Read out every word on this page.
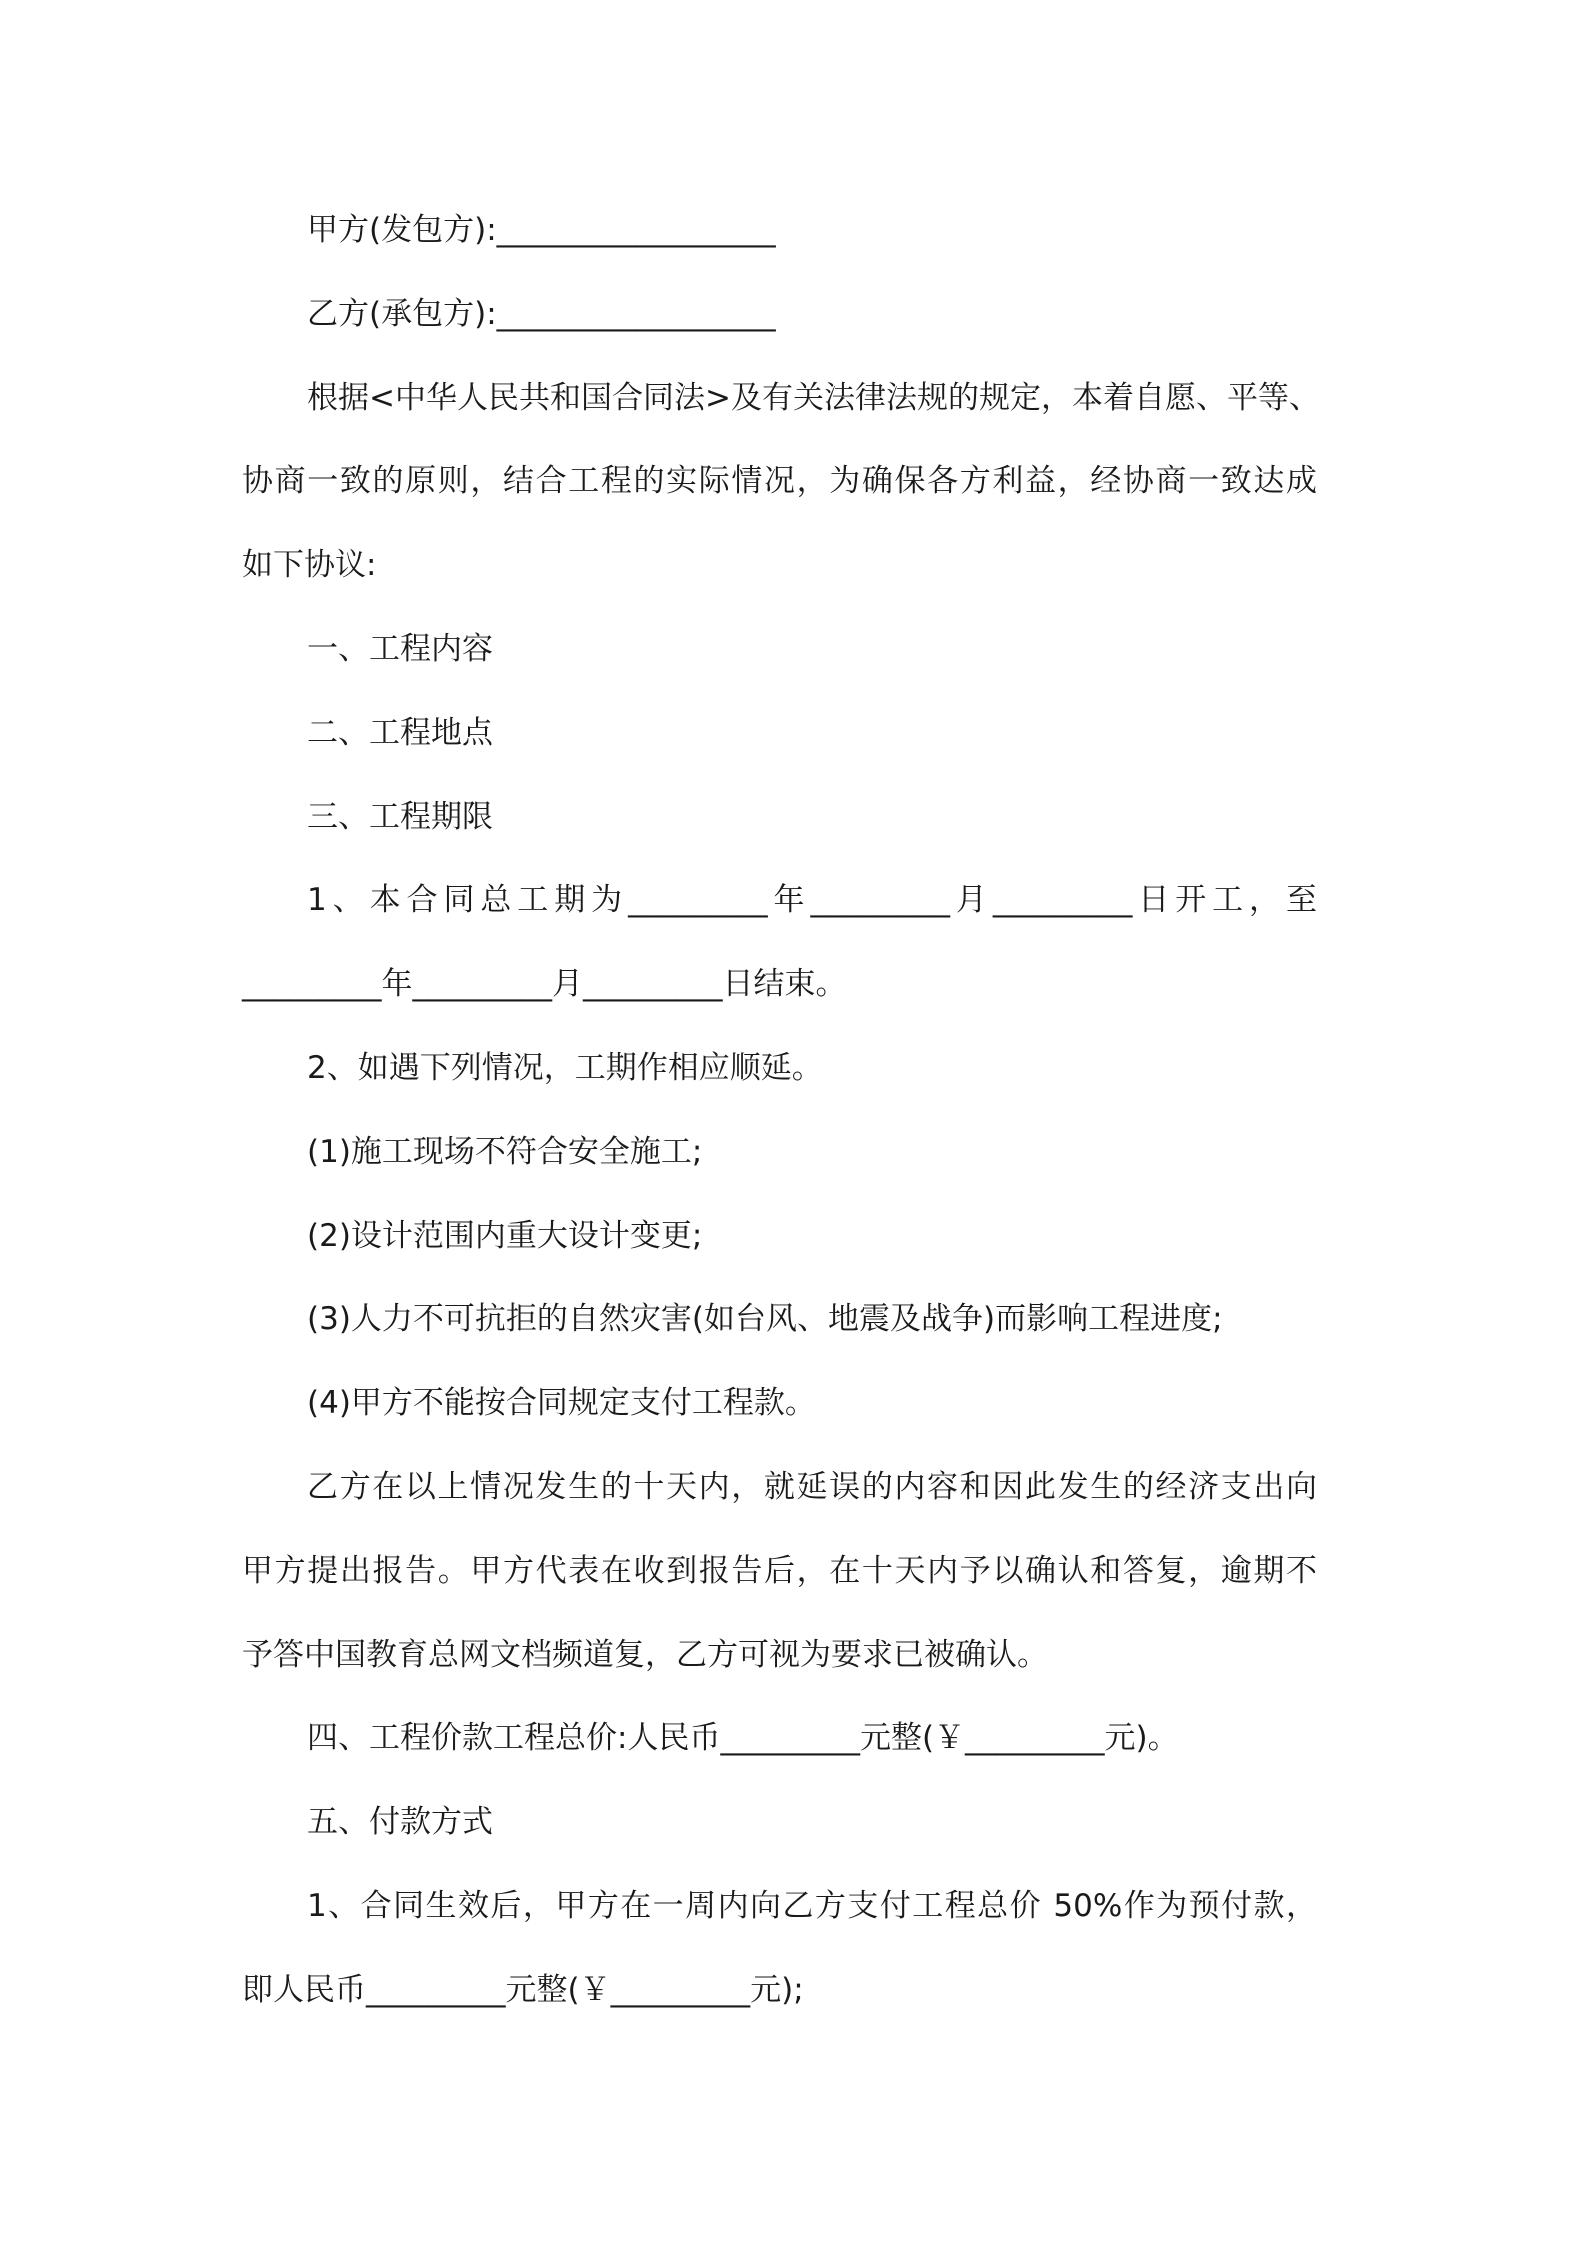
甲方(发包方):__________________
乙方(承包方):__________________
根据<中华人民共和国合同法>及有关法律法规的规定，本着自愿、平等、
协商一致的原则，结合工程的实际情况，为确保各方利益，经协商一致达成
如下协议:
一、工程内容
二、工程地点
三、工程期限
1、本合同总工期为_________年_________月_________日开工，至
_________年_________月_________日结束。
2、如遇下列情况，工期作相应顺延。
(1)施工现场不符合安全施工;
(2)设计范围内重大设计变更;
(3)人力不可抗拒的自然灾害(如台风、地震及战争)而影响工程进度;
(4)甲方不能按合同规定支付工程款。
乙方在以上情况发生的十天内，就延误的内容和因此发生的经济支出向
甲方提出报告。甲方代表在收到报告后，在十天内予以确认和答复，逾期不
予答中国教育总网文档频道复，乙方可视为要求已被确认。
四、工程价款工程总价:人民币_________元整(￥_________元)。
五、付款方式
1、合同生效后，甲方在一周内向乙方支付工程总价 50%作为预付款，
即人民币_________元整(￥_________元);
